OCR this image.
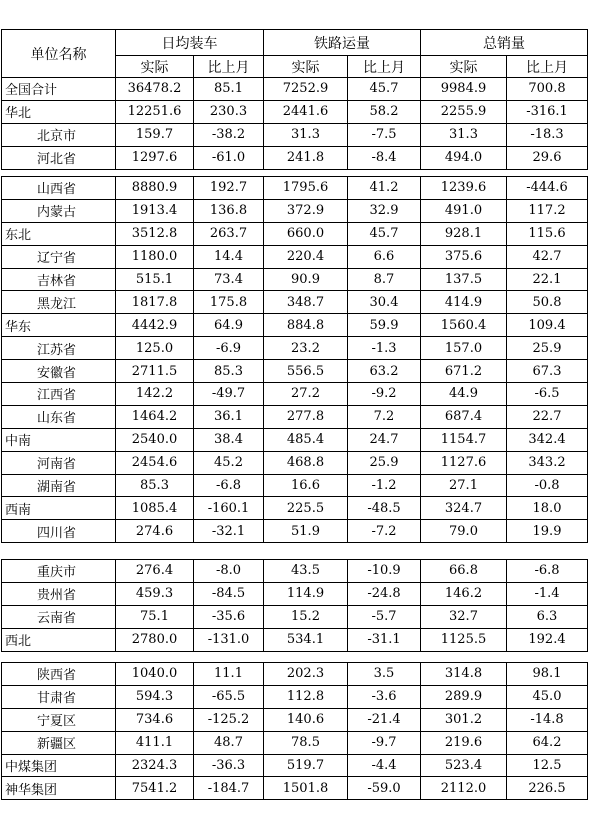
单位名称	日均装车		铁路运量		总销量	
	实际	比上月	实际	比上月	实际	比上月
全国合计	36478.2	85.1	7252.9	45.7	9984.9	700.8
华北	12251.6	230.3	2441.6	58.2	2255.9	-316.1
北京市	159.7	-38.2	31.3	-7.5	31.3	-18.3
河北省	1297.6	-61.0	241.8	-8.4	494.0	29.6
山西省	8880.9	192.7	1795.6	41.2	1239.6	-444.6
内蒙古	1913.4	136.8	372.9	32.9	491.0	117.2
东北	3512.8	263.7	660.0	45.7	928.1	115.6
辽宁省	1180.0	14.4	220.4	6.6	375.6	42.7
吉林省	515.1	73.4	90.9	8.7	137.5	22.1
黑龙江	1817.8	175.8	348.7	30.4	414.9	50.8
华东	4442.9	64.9	884.8	59.9	1560.4	109.4
江苏省	125.0	-6.9	23.2	-1.3	157.0	25.9
安徽省	2711.5	85.3	556.5	63.2	671.2	67.3
江西省	142.2	-49.7	27.2	-9.2	44.9	-6.5
山东省	1464.2	36.1	277.8	7.2	687.4	22.7
中南	2540.0	38.4	485.4	24.7	1154.7	342.4
河南省	2454.6	45.2	468.8	25.9	1127.6	343.2
湖南省	85.3	-6.8	16.6	-1.2	27.1	-0.8
西南	1085.4	-160.1	225.5	-48.5	324.7	18.0
四川省	274.6	-32.1	51.9	-7.2	79.0	19.9
重庆市	276.4	-8.0	43.5	-10.9	66.8	-6.8
贵州省	459.3	-84.5	114.9	-24.8	146.2	-1.4
云南省	75.1	-35.6	15.2	-5.7	32.7	6.3
西北	2780.0	-131.0	534.1	-31.1	1125.5	192.4
陕西省	1040.0	11.1	202.3	3.5	314.8	98.1
甘肃省	594.3	-65.5	112.8	-3.6	289.9	45.0
宁夏区	734.6	-125.2	140.6	-21.4	301.2	-14.8
新疆区	411.1	48.7	78.5	-9.7	219.6	64.2
中煤集团	2324.3	-36.3	519.7	-4.4	523.4	12.5
神华集团	7541.2	-184.7	1501.8	-59.0	2112.0	226.5
